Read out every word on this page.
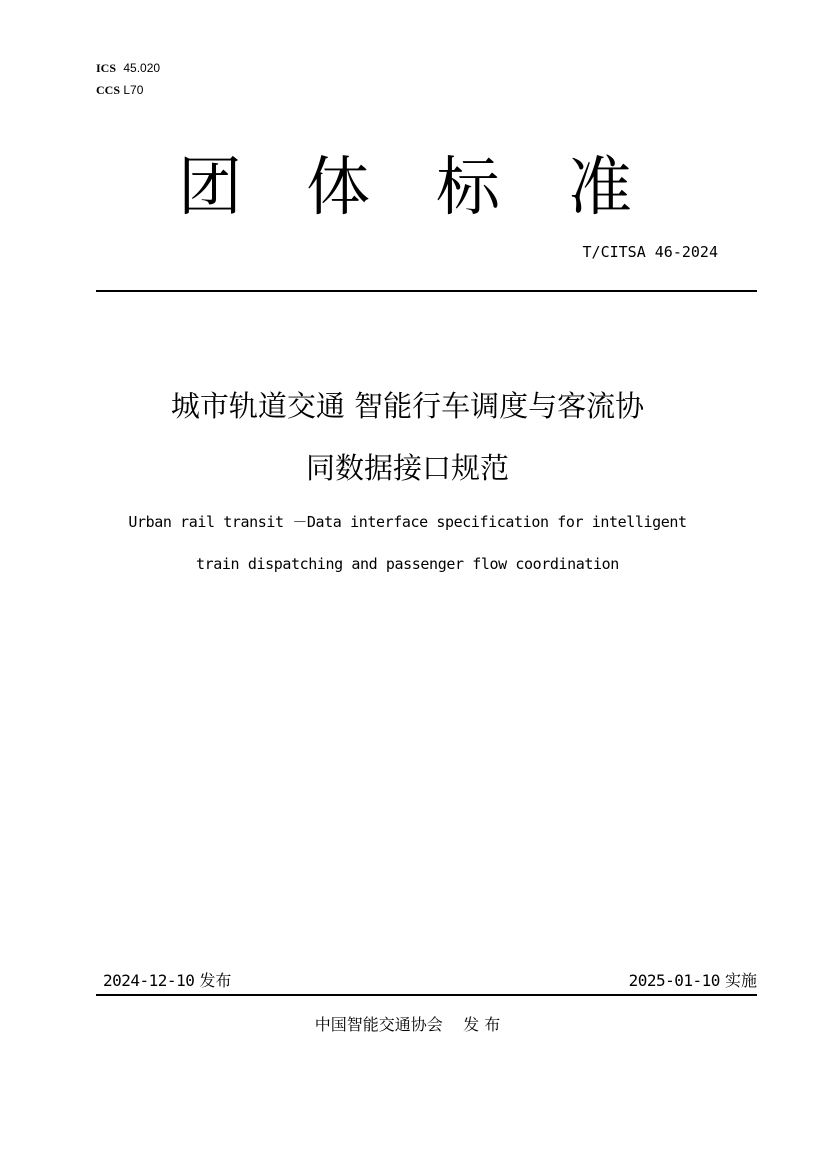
ICS 45.020
CCS L70
团 体 标 准
T/CITSA 46-2024
城市轨道交通 智能行车调度与客流协
同数据接口规范
Urban rail transit －Data interface specification for intelligent
train dispatching and passenger flow coordination
2024-12-10 发布	2025-01-10 实施
中国智能交通协会 发 布
